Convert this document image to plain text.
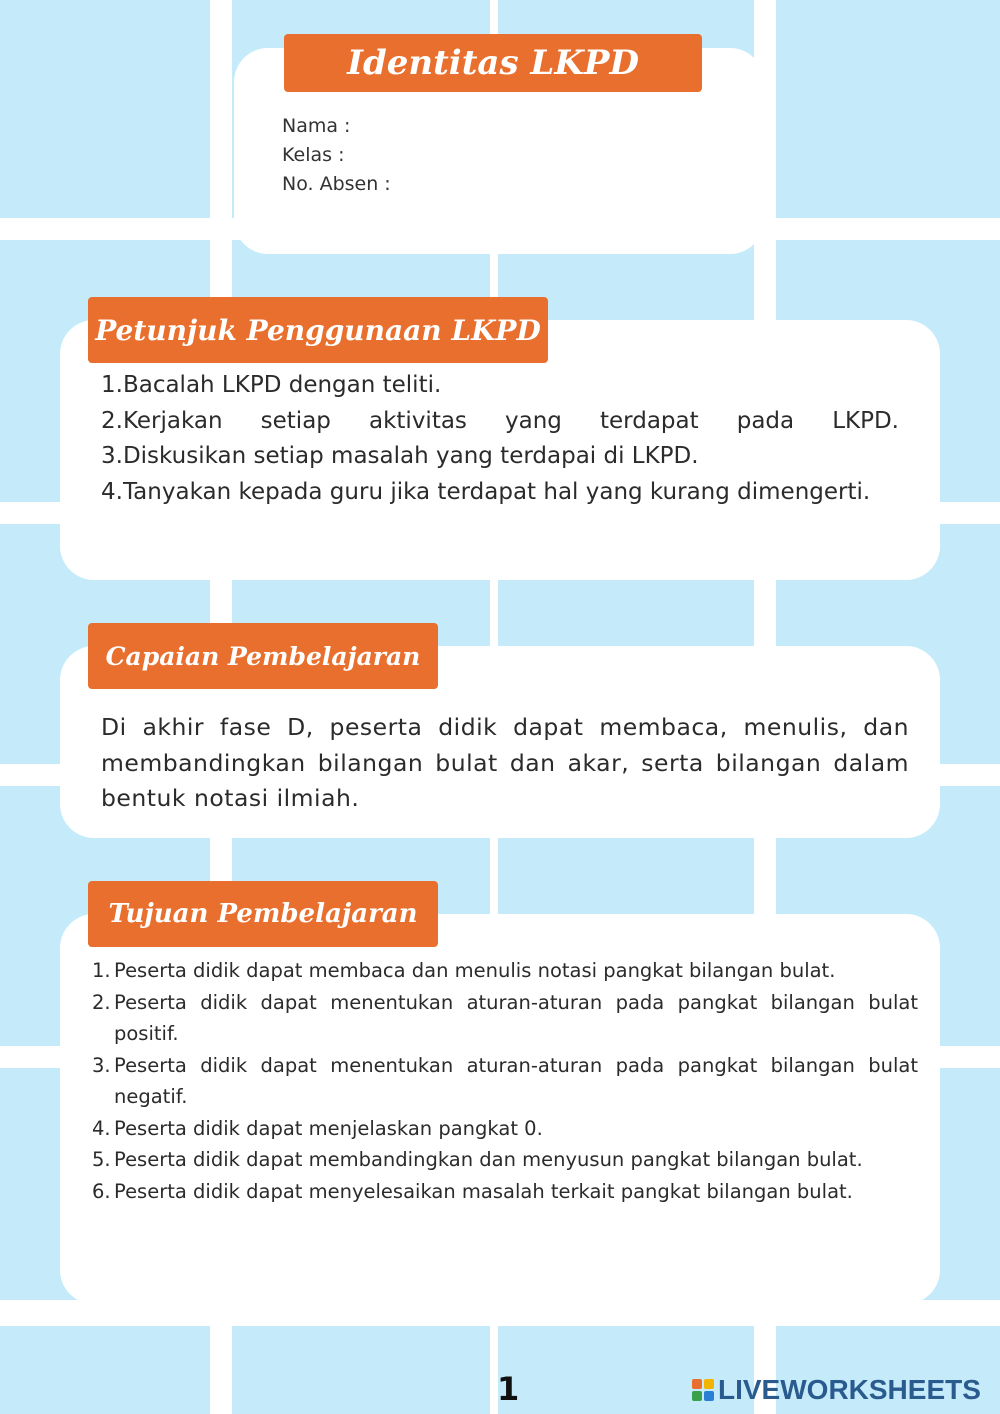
Identitas LKPD
Nama :
Kelas :
No. Absen :
Petunjuk Penggunaan LKPD
1.Bacalah LKPD dengan teliti.
2.Kerjakan setiap aktivitas yang terdapat pada LKPD.
3.Diskusikan setiap masalah yang terdapai di LKPD.
4.Tanyakan kepada guru jika terdapat hal yang kurang dimengerti.
Capaian Pembelajaran
Di akhir fase D, peserta didik dapat membaca, menulis, dan membandingkan bilangan bulat dan akar, serta bilangan dalam bentuk notasi ilmiah.
Tujuan Pembelajaran
1. Peserta didik dapat membaca dan menulis notasi pangkat bilangan bulat.
2. Peserta didik dapat menentukan aturan-aturan pada pangkat bilangan bulat positif.
3. Peserta didik dapat menentukan aturan-aturan pada pangkat bilangan bulat negatif.
4. Peserta didik dapat menjelaskan pangkat 0.
5. Peserta didik dapat membandingkan dan menyusun pangkat bilangan bulat.
6. Peserta didik dapat menyelesaikan masalah terkait pangkat bilangan bulat.
1	LIVEWORKSHEETS
